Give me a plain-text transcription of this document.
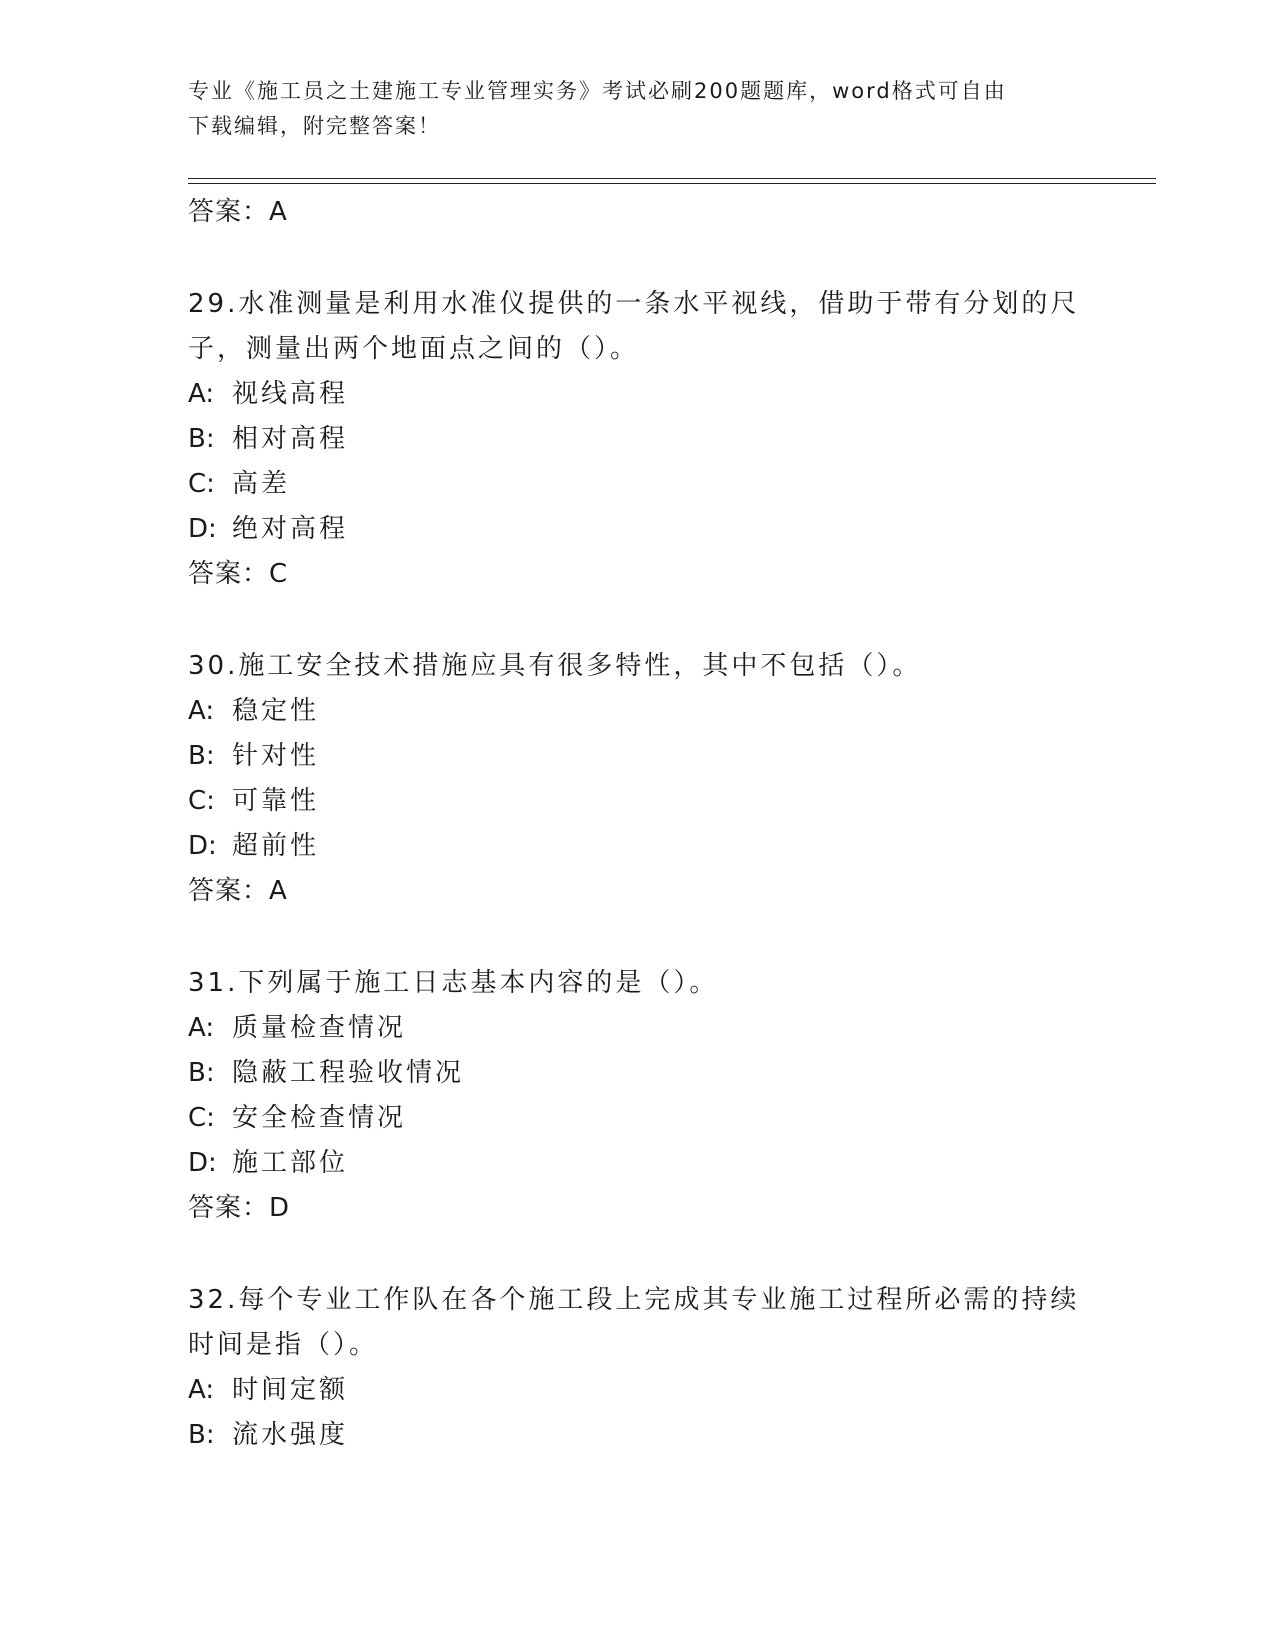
专业《施工员之土建施工专业管理实务》考试必刷200题题库，word格式可自由
下载编辑，附完整答案！
答案：A
29.水准测量是利用水准仪提供的一条水平视线，借助于带有分划的尺
子，测量出两个地面点之间的（）。
A: 视线高程
B: 相对高程
C: 高差
D: 绝对高程
答案：C
30.施工安全技术措施应具有很多特性，其中不包括（）。
A: 稳定性
B: 针对性
C: 可靠性
D: 超前性
答案：A
31.下列属于施工日志基本内容的是（）。
A: 质量检查情况
B: 隐蔽工程验收情况
C: 安全检查情况
D: 施工部位
答案：D
32.每个专业工作队在各个施工段上完成其专业施工过程所必需的持续
时间是指（）。
A: 时间定额
B: 流水强度
